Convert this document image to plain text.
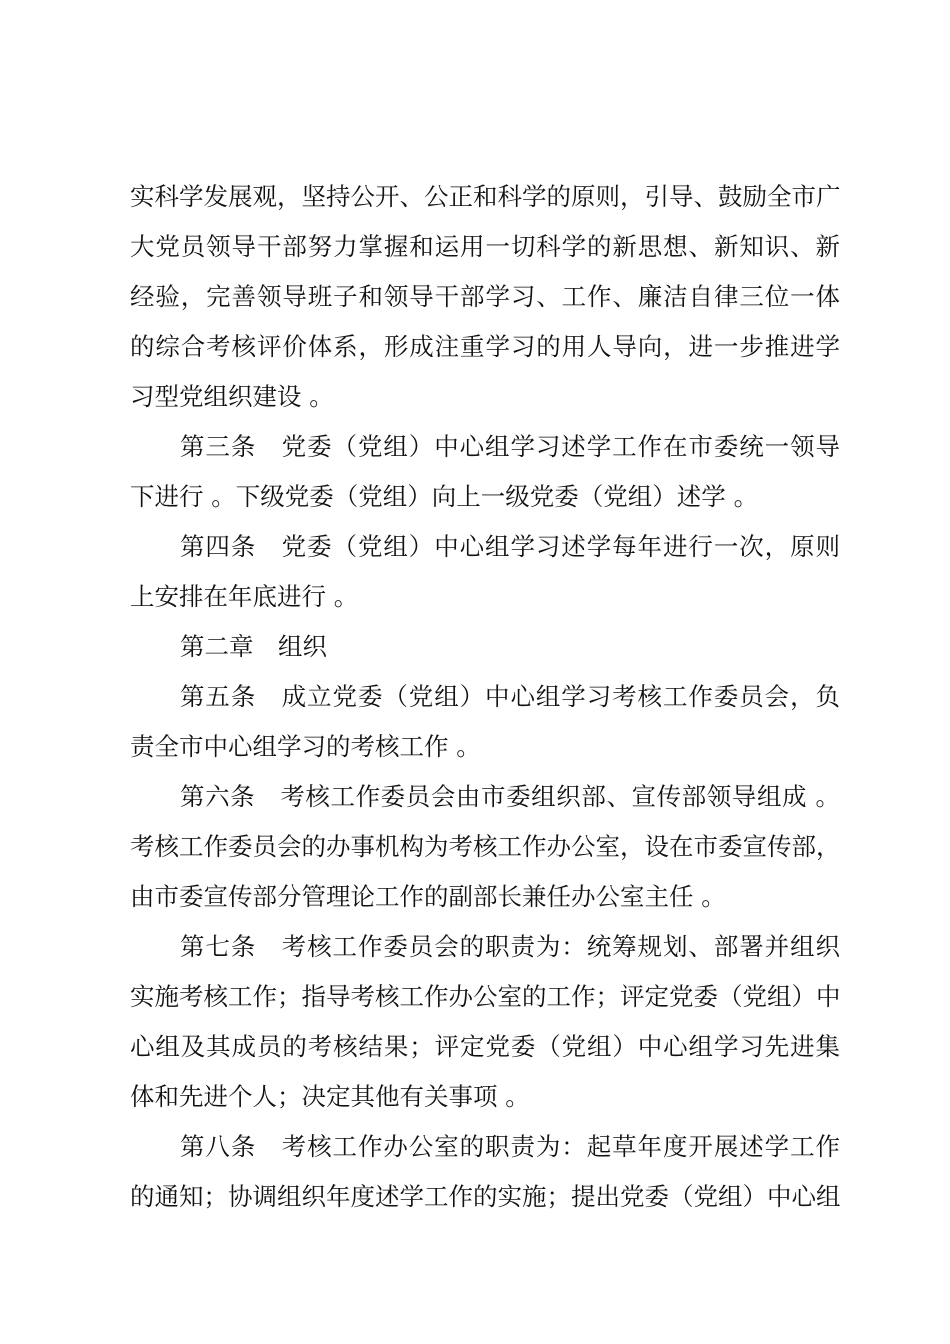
实科学发展观，坚持公开、公正和科学的原则，引导、鼓励全市广
大党员领导干部努力掌握和运用一切科学的新思想、新知识、新
经验，完善领导班子和领导干部学习、工作、廉洁自律三位一体
的综合考核评价体系，形成注重学习的用人导向，进一步推进学
习型党组织建设 。
第三条　党委（党组）中心组学习述学工作在市委统一领导
下进行 。下级党委（党组）向上一级党委（党组）述学 。
第四条　党委（党组）中心组学习述学每年进行一次，原则
上安排在年底进行 。
第二章　组织
第五条　成立党委（党组）中心组学习考核工作委员会，负
责全市中心组学习的考核工作 。
第六条　考核工作委员会由市委组织部、宣传部领导组成 。
考核工作委员会的办事机构为考核工作办公室，设在市委宣传部，
由市委宣传部分管理论工作的副部长兼任办公室主任 。
第七条　考核工作委员会的职责为：统筹规划、部署并组织
实施考核工作；指导考核工作办公室的工作；评定党委（党组）中
心组及其成员的考核结果；评定党委（党组）中心组学习先进集
体和先进个人；决定其他有关事项 。
第八条　考核工作办公室的职责为：起草年度开展述学工作
的通知；协调组织年度述学工作的实施；提出党委（党组）中心组
